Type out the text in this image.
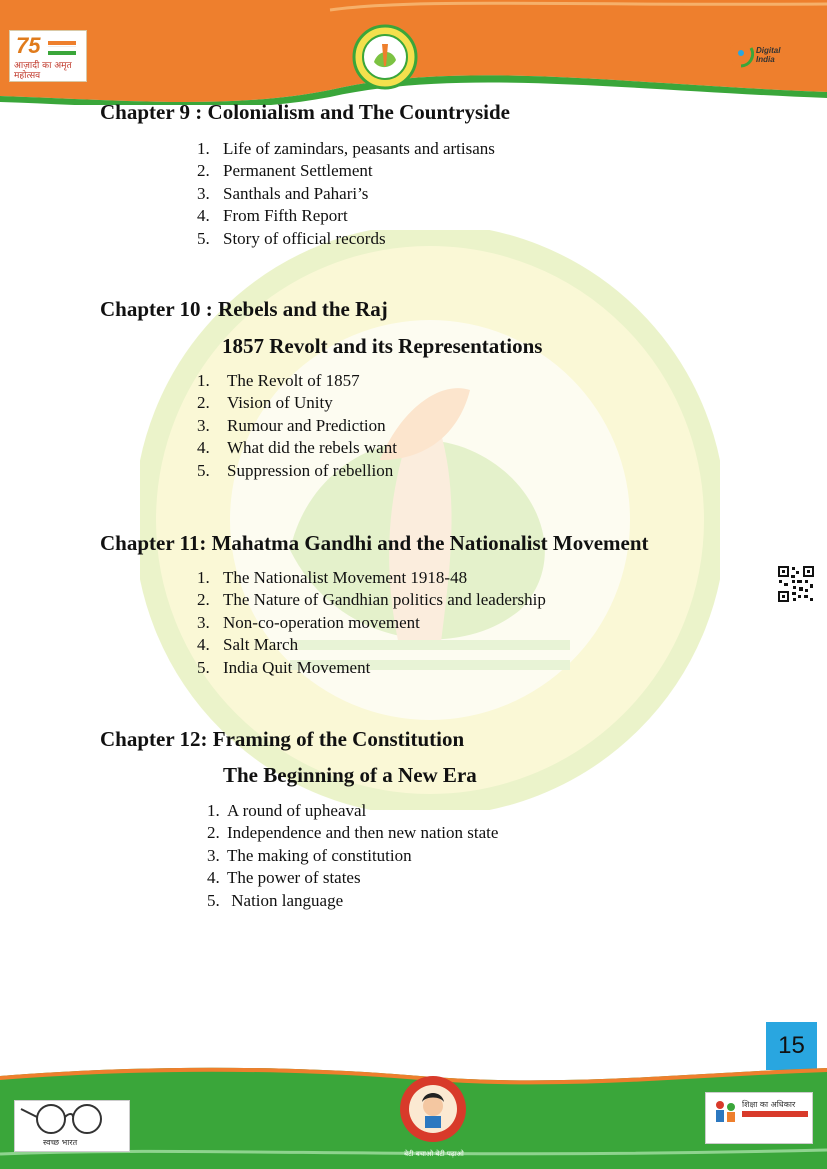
75
आज़ादी का अमृत महोत्सव
Digital India
Chapter 9 : Colonialism and The Countryside
1. Life of zamindars, peasants and artisans
2. Permanent Settlement
3. Santhals and Pahari’s
4. From Fifth Report
5. Story of official records
Chapter 10 : Rebels and the Raj
1857 Revolt and its Representations
1.	The Revolt of 1857
2.	Vision of Unity
3.	Rumour and Prediction
4.	What did the rebels want
5.	Suppression of rebellion
Chapter 11: Mahatma Gandhi and the Nationalist Movement
1. The Nationalist Movement 1918-48
2. The Nature of Gandhian politics and leadership
3. Non-co-operation movement
4. Salt March
5. India Quit Movement
Chapter 12: Framing of the Constitution
The Beginning of a New Era
1. A round of upheaval
2. Independence and then new nation state
3. The making of constitution
4. The power of states
5. Nation language
15
स्वच्छ भारत
बेटी बचाओ बेटी पढ़ाओ
शिक्षा का अधिकार
